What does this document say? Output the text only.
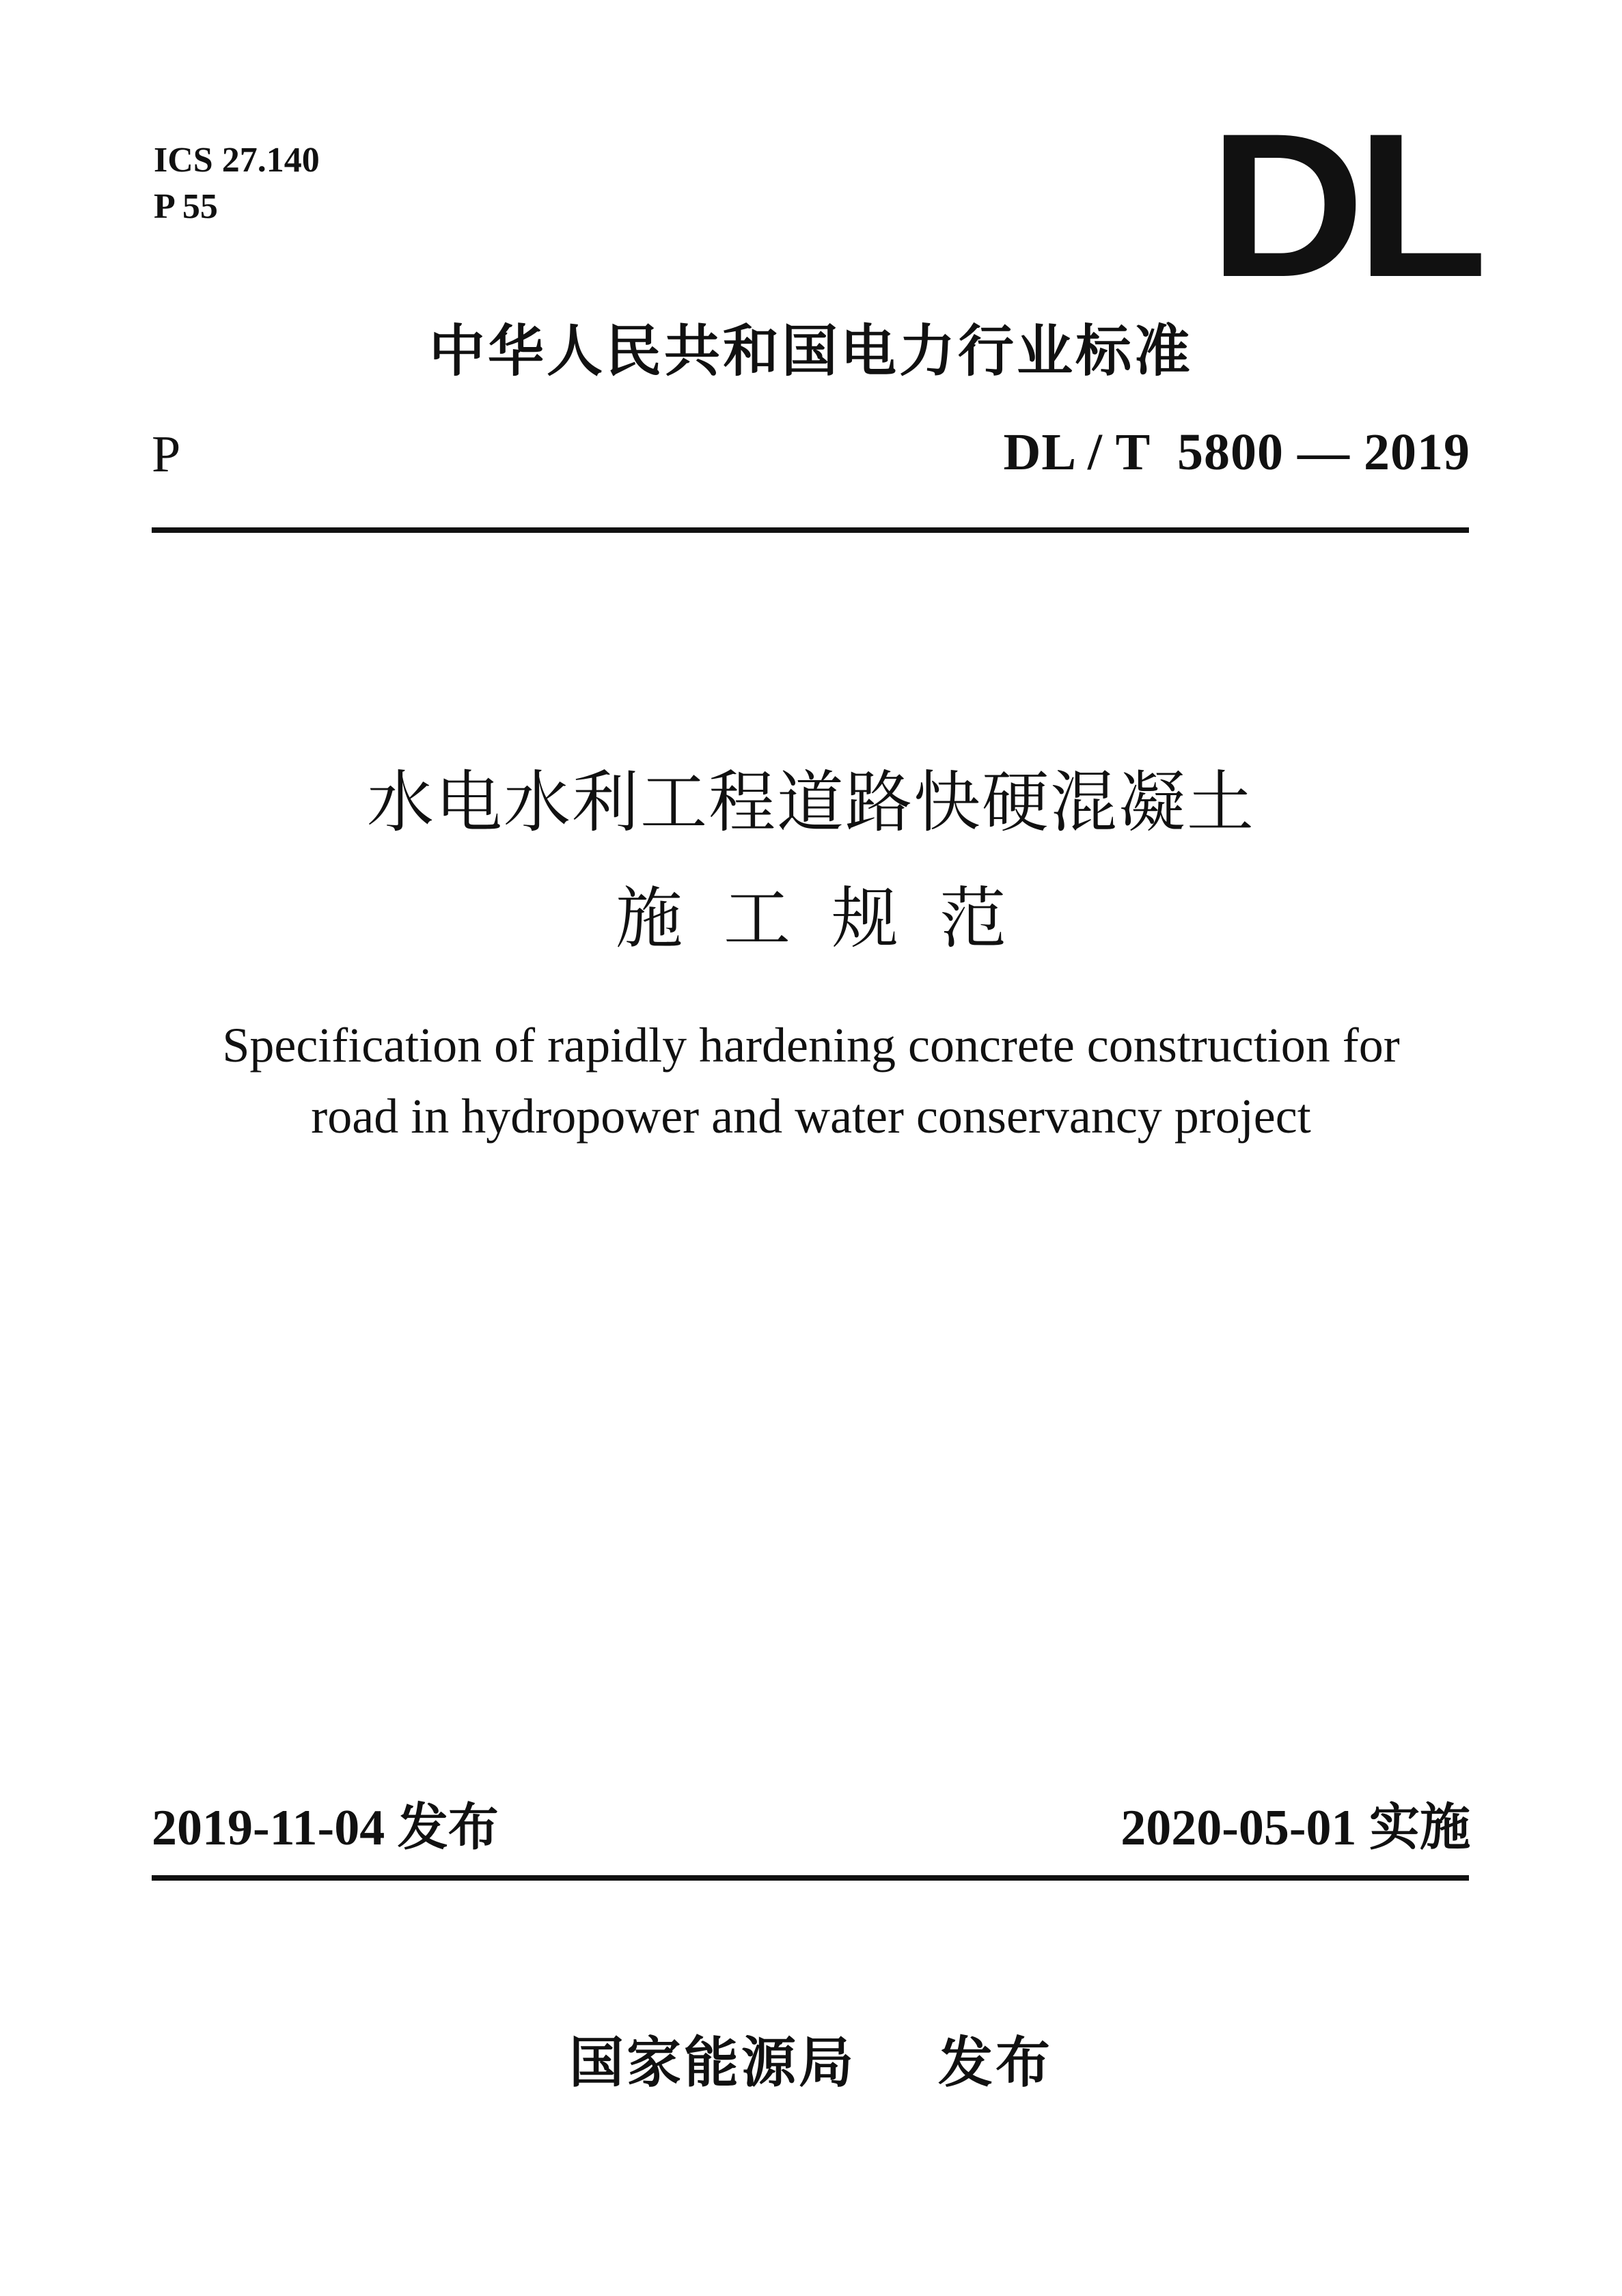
ICS 27.140
P 55	DL
中华人民共和国电力行业标准
P	DL / T  5800 — 2019
水电水利工程道路快硬混凝土
施工规范
Specification of rapidly hardening concrete construction for
road in hydropower and water conservancy project
2019-11-04 发布	2020-05-01 实施
国家能源局 发布
